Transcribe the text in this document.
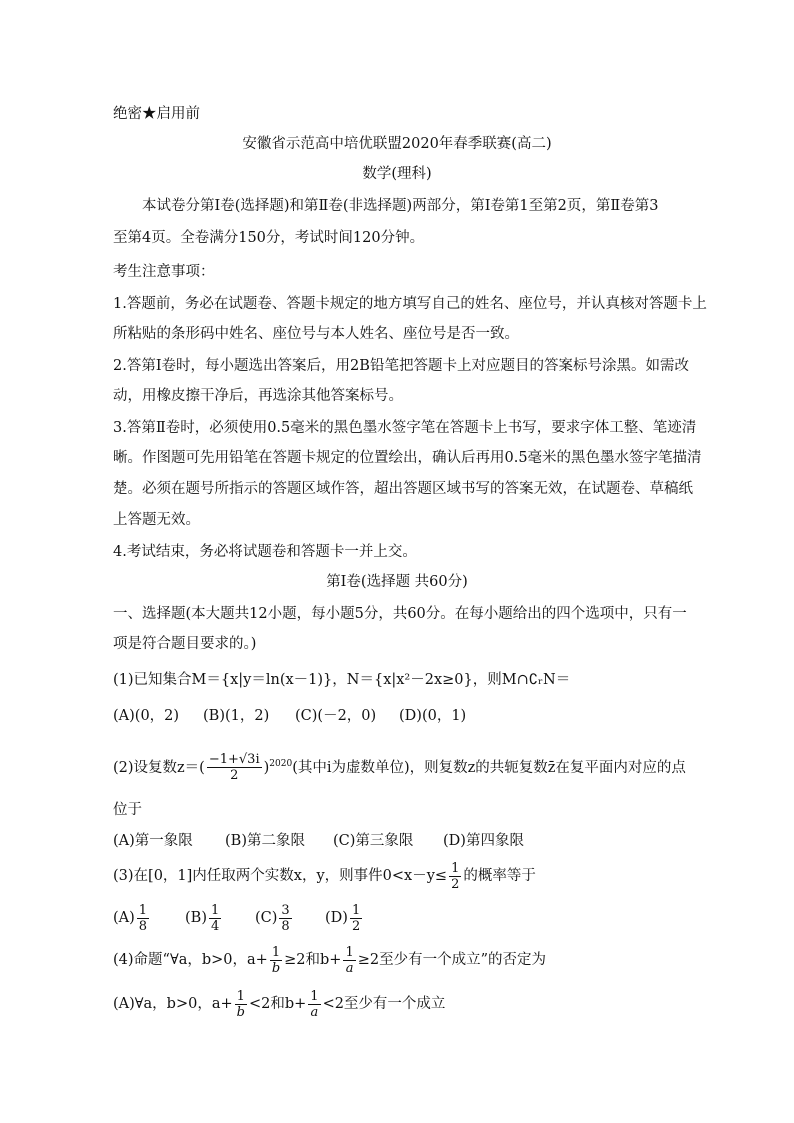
绝密★启用前
安徽省示范高中培优联盟2020年春季联赛(高二)
数学(理科)
本试卷分第Ⅰ卷(选择题)和第Ⅱ卷(非选择题)两部分，第Ⅰ卷第1至第2页，第Ⅱ卷第3
至第4页。全卷满分150分，考试时间120分钟。
考生注意事项：
1.答题前，务必在试题卷、答题卡规定的地方填写自己的姓名、座位号，并认真核对答题卡上
所粘贴的条形码中姓名、座位号与本人姓名、座位号是否一致。
2.答第Ⅰ卷时，每小题选出答案后，用2B铅笔把答题卡上对应题目的答案标号涂黑。如需改
动，用橡皮擦干净后，再选涂其他答案标号。
3.答第Ⅱ卷时，必须使用0.5毫米的黑色墨水签字笔在答题卡上书写，要求字体工整、笔迹清
晰。作图题可先用铅笔在答题卡规定的位置绘出，确认后再用0.5毫米的黑色墨水签字笔描清
楚。必须在题号所指示的答题区域作答，超出答题区域书写的答案无效，在试题卷、草稿纸
上答题无效。
4.考试结束，务必将试题卷和答题卡一并上交。
第Ⅰ卷(选择题 共60分)
一、选择题(本大题共12小题，每小题5分，共60分。在每小题给出的四个选项中，只有一
项是符合题目要求的。)
(1)已知集合M＝{x|y＝ln(x－1)}，N＝{x|x²－2x≥0}，则M∩∁ᵣN＝
(A)(0，2) (B)(1，2) (C)(－2，0) (D)(0，1)
(2)设复数$z=( \frac{-1+√3i}{2} )^{2020}$(其中i为虚数单位)，则复数z的共轭复数z̄在复平面内对应的点
位于
(A)第一象限 (B)第二象限 (C)第三象限 (D)第四象限
(3)在[0，1]内任取两个实数x，y，则事件$0<x-y\le \frac{1}{2}$ 的概率等于
$(A) \frac{1}{8} (B) \frac{1}{4} (C) \frac{3}{8} (D) \frac{1}{2}$
(4)命题“∀a，b>0，$a+ \frac{1}{b} \ge 2$和$b+ \frac{1}{a} \ge 2$至少有一个成立”的否定为
(A)∀a，b>0，$a+ \frac{1}{b} <2$和$b+ \frac{1}{a} <2$至少有一个成立
